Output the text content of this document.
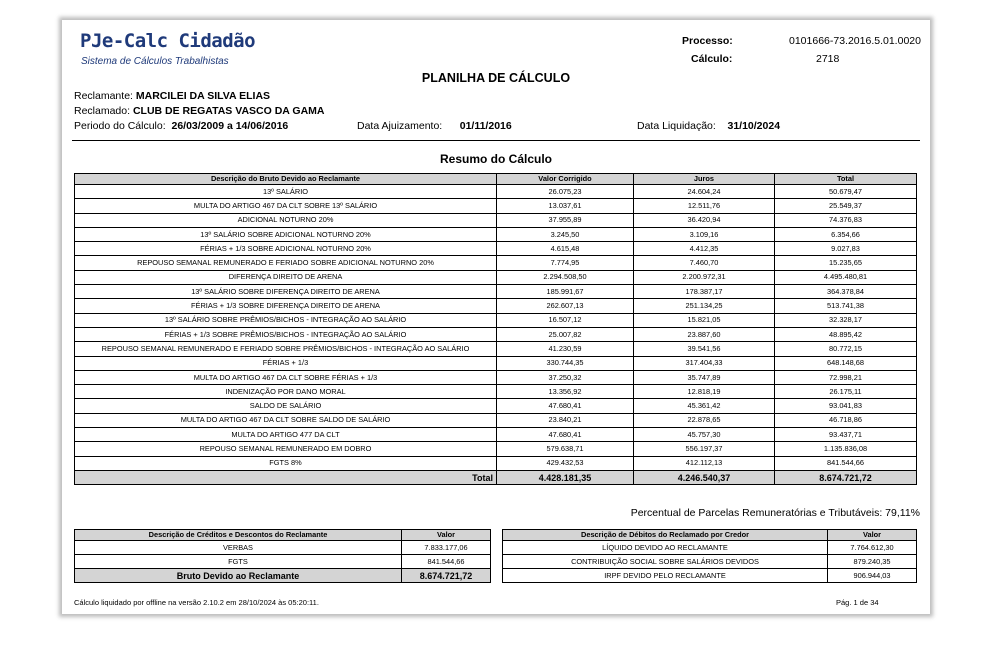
PJe-Calc Cidadão
Sistema de Cálculos Trabalhistas
Processo:	0101666-73.2016.5.01.0020
Cálculo:	2718
PLANILHA DE CÁLCULO
Reclamante: MARCILEI DA SILVA ELIAS
Reclamado: CLUB DE REGATAS VASCO DA GAMA
Periodo do Cálculo: 26/03/2009 a 14/06/2016	Data Ajuizamento: 01/11/2016	Data Liquidação: 31/10/2024
Resumo do Cálculo
Descrição do Bruto Devido ao Reclamante	Valor Corrigido	Juros	Total
13º SALÁRIO	26.075,23	24.604,24	50.679,47
MULTA DO ARTIGO 467 DA CLT SOBRE 13º SALÁRIO	13.037,61	12.511,76	25.549,37
ADICIONAL NOTURNO 20%	37.955,89	36.420,94	74.376,83
13º SALÁRIO SOBRE ADICIONAL NOTURNO 20%	3.245,50	3.109,16	6.354,66
FÉRIAS + 1/3 SOBRE ADICIONAL NOTURNO 20%	4.615,48	4.412,35	9.027,83
REPOUSO SEMANAL REMUNERADO E FERIADO SOBRE ADICIONAL NOTURNO 20%	7.774,95	7.460,70	15.235,65
DIFERENÇA DIREITO DE ARENA	2.294.508,50	2.200.972,31	4.495.480,81
13º SALÁRIO SOBRE DIFERENÇA DIREITO DE ARENA	185.991,67	178.387,17	364.378,84
FÉRIAS + 1/3 SOBRE DIFERENÇA DIREITO DE ARENA	262.607,13	251.134,25	513.741,38
13º SALÁRIO SOBRE PRÊMIOS/BICHOS - INTEGRAÇÃO AO SALÁRIO	16.507,12	15.821,05	32.328,17
FÉRIAS + 1/3 SOBRE PRÊMIOS/BICHOS - INTEGRAÇÃO AO SALÁRIO	25.007,82	23.887,60	48.895,42
REPOUSO SEMANAL REMUNERADO E FERIADO SOBRE PRÊMIOS/BICHOS - INTEGRAÇÃO AO SALÁRIO	41.230,59	39.541,56	80.772,15
FÉRIAS + 1/3	330.744,35	317.404,33	648.148,68
MULTA DO ARTIGO 467 DA CLT SOBRE FÉRIAS + 1/3	37.250,32	35.747,89	72.998,21
INDENIZAÇÃO POR DANO MORAL	13.356,92	12.818,19	26.175,11
SALDO DE SALÁRIO	47.680,41	45.361,42	93.041,83
MULTA DO ARTIGO 467 DA CLT SOBRE SALDO DE SALÁRIO	23.840,21	22.878,65	46.718,86
MULTA DO ARTIGO 477 DA CLT	47.680,41	45.757,30	93.437,71
REPOUSO SEMANAL REMUNERADO EM DOBRO	579.638,71	556.197,37	1.135.836,08
FGTS 8%	429.432,53	412.112,13	841.544,66
Total	4.428.181,35	4.246.540,37	8.674.721,72
Percentual de Parcelas Remuneratórias e Tributáveis: 79,11%
Descrição de Créditos e Descontos do Reclamante	Valor
VERBAS	7.833.177,06
FGTS	841.544,66
Bruto Devido ao Reclamante	8.674.721,72
Descrição de Débitos do Reclamado por Credor	Valor
LÍQUIDO DEVIDO AO RECLAMANTE	7.764.612,30
CONTRIBUIÇÃO SOCIAL SOBRE SALÁRIOS DEVIDOS	879.240,35
IRPF DEVIDO PELO RECLAMANTE	906.944,03
Cálculo liquidado por offline na versão 2.10.2 em 28/10/2024 às 05:20:11.	Pág. 1 de 34
